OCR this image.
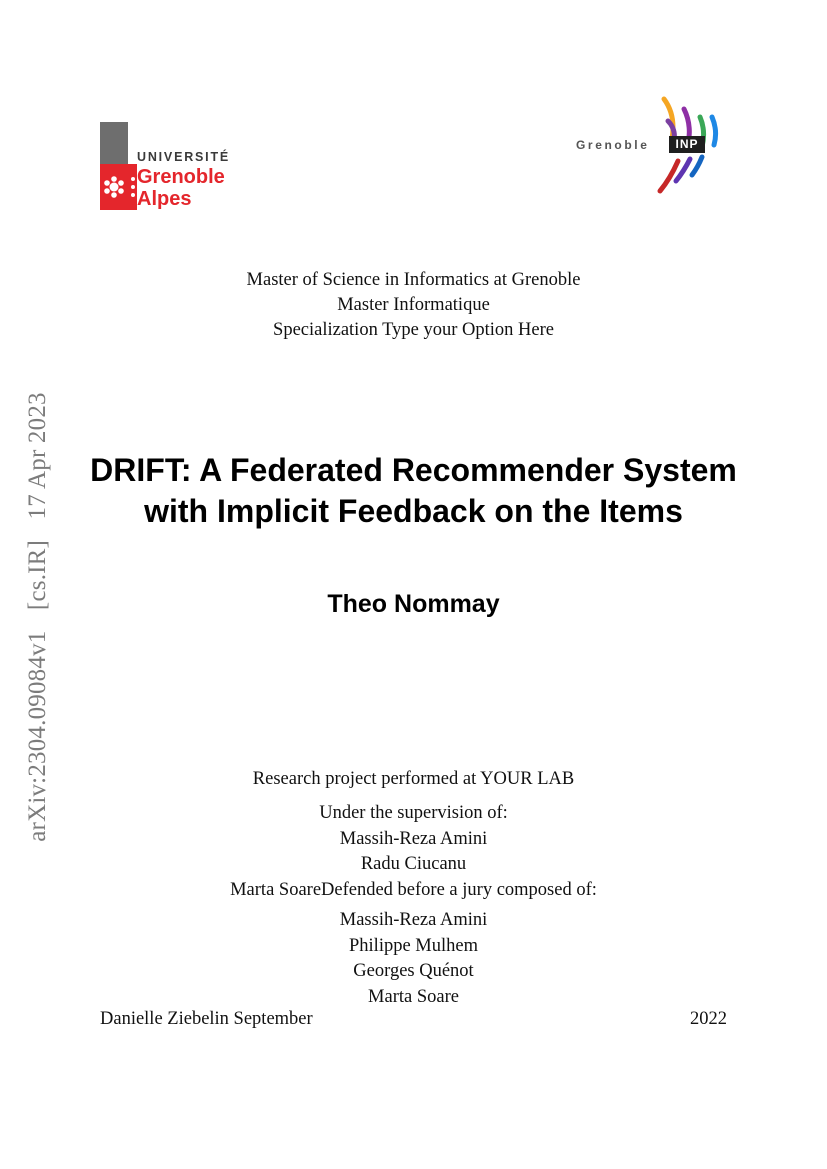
arXiv:2304.09084v1 [cs.IR] 17 Apr 2023
UNIVERSITÉ
Grenoble
Alpes
Grenoble	INP
Master of Science in Informatics at Grenoble
Master Informatique
Specialization Type your Option Here
DRIFT: A Federated Recommender System with Implicit Feedback on the Items
Theo Nommay
Research project performed at YOUR LAB
Under the supervision of:
Massih-Reza Amini
Radu Ciucanu
Marta SoareDefended before a jury composed of:
Massih-Reza Amini
Philippe Mulhem
Georges Quénot
Marta Soare
Danielle Ziebelin September	2022
